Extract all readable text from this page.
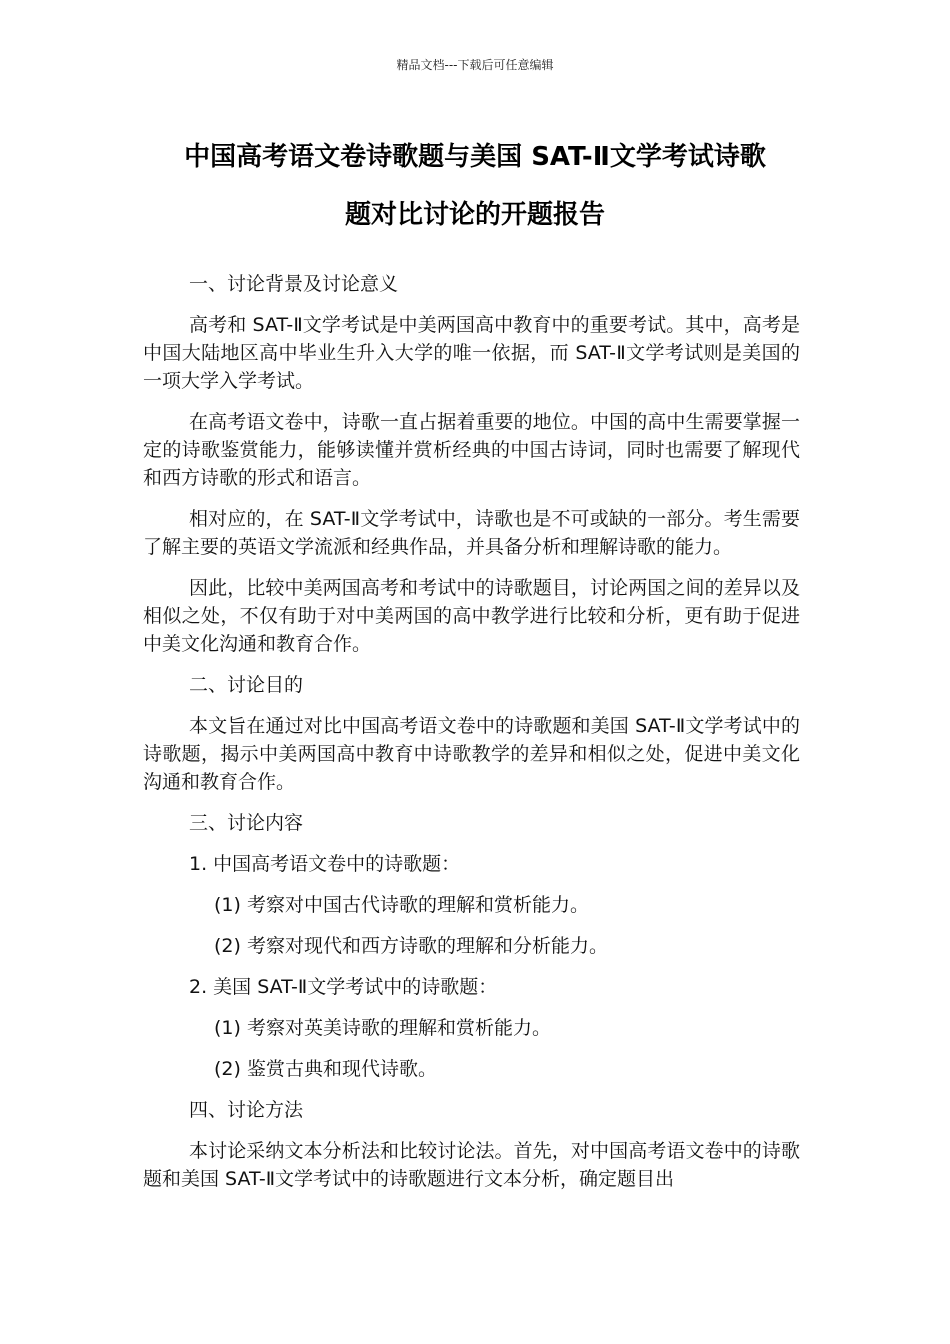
精品文档---下载后可任意编辑
中国高考语文卷诗歌题与美国 SAT-Ⅱ文学考试诗歌
题对比讨论的开题报告

一、讨论背景及讨论意义

高考和 SAT-Ⅱ文学考试是中美两国高中教育中的重要考试。其中，高考是中国大陆地区高中毕业生升入大学的唯一依据，而 SAT-Ⅱ文学考试则是美国的一项大学入学考试。

在高考语文卷中，诗歌一直占据着重要的地位。中国的高中生需要掌握一定的诗歌鉴赏能力，能够读懂并赏析经典的中国古诗词，同时也需要了解现代和西方诗歌的形式和语言。

相对应的，在 SAT-Ⅱ文学考试中，诗歌也是不可或缺的一部分。考生需要了解主要的英语文学流派和经典作品，并具备分析和理解诗歌的能力。

因此，比较中美两国高考和考试中的诗歌题目，讨论两国之间的差异以及相似之处，不仅有助于对中美两国的高中教学进行比较和分析，更有助于促进中美文化沟通和教育合作。

二、讨论目的

本文旨在通过对比中国高考语文卷中的诗歌题和美国 SAT-Ⅱ文学考试中的诗歌题，揭示中美两国高中教育中诗歌教学的差异和相似之处，促进中美文化沟通和教育合作。

三、讨论内容

1. 中国高考语文卷中的诗歌题：

(1) 考察对中国古代诗歌的理解和赏析能力。

(2) 考察对现代和西方诗歌的理解和分析能力。

2. 美国 SAT-Ⅱ文学考试中的诗歌题：

(1) 考察对英美诗歌的理解和赏析能力。

(2) 鉴赏古典和现代诗歌。

四、讨论方法

本讨论采纳文本分析法和比较讨论法。首先，对中国高考语文卷中的诗歌题和美国 SAT-Ⅱ文学考试中的诗歌题进行文本分析，确定题目出
